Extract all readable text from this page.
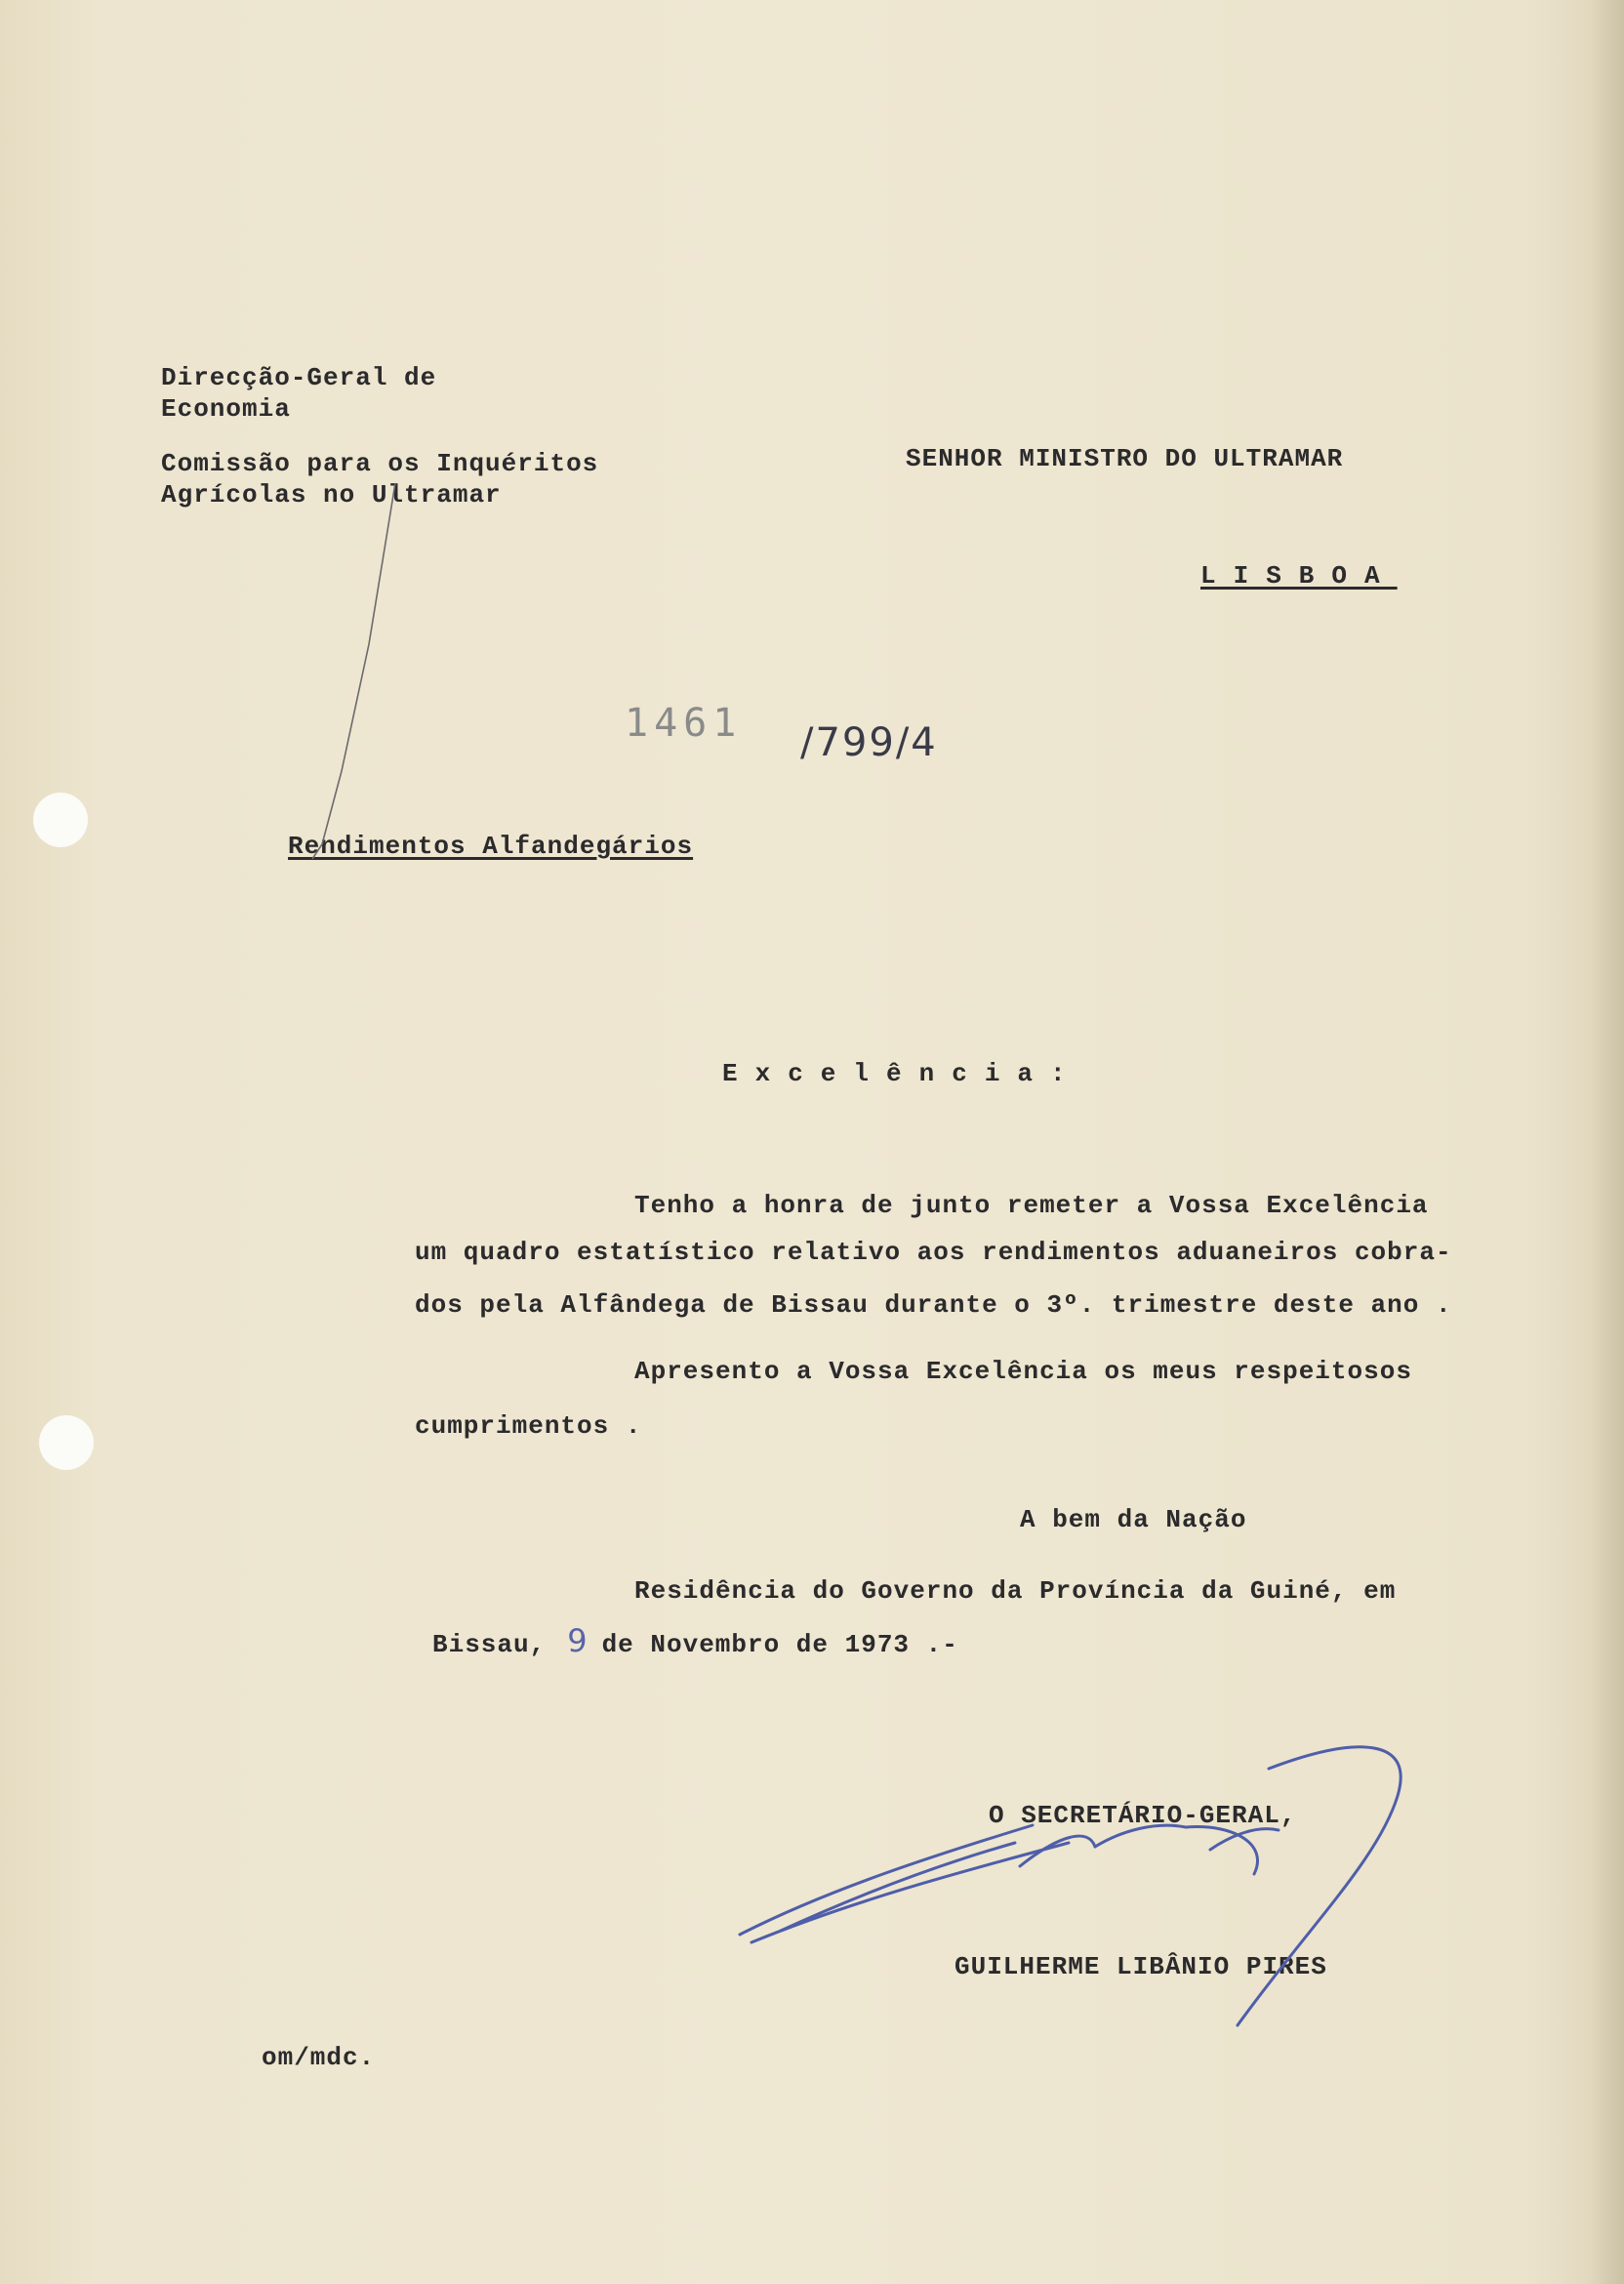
Direcção-Geral de
Economia
Comissão para os Inquéritos
Agrícolas no Ultramar
SENHOR MINISTRO DO ULTRAMAR
LISBOA
1461 /799/4
Rendimentos Alfandegários
Excelência:
Tenho a honra de junto remeter a Vossa Excelência
um quadro estatístico relativo aos rendimentos aduaneiros cobra-
dos pela Alfândega de Bissau durante o 3º. trimestre deste ano .
Apresento a Vossa Excelência os meus respeitosos
cumprimentos .
A bem da Nação
Residência do Governo da Província da Guiné, em
Bissau, 9 de Novembro de 1973 .-
O SECRETÁRIO-GERAL,
GUILHERME LIBÂNIO PIRES
om/mdc.
